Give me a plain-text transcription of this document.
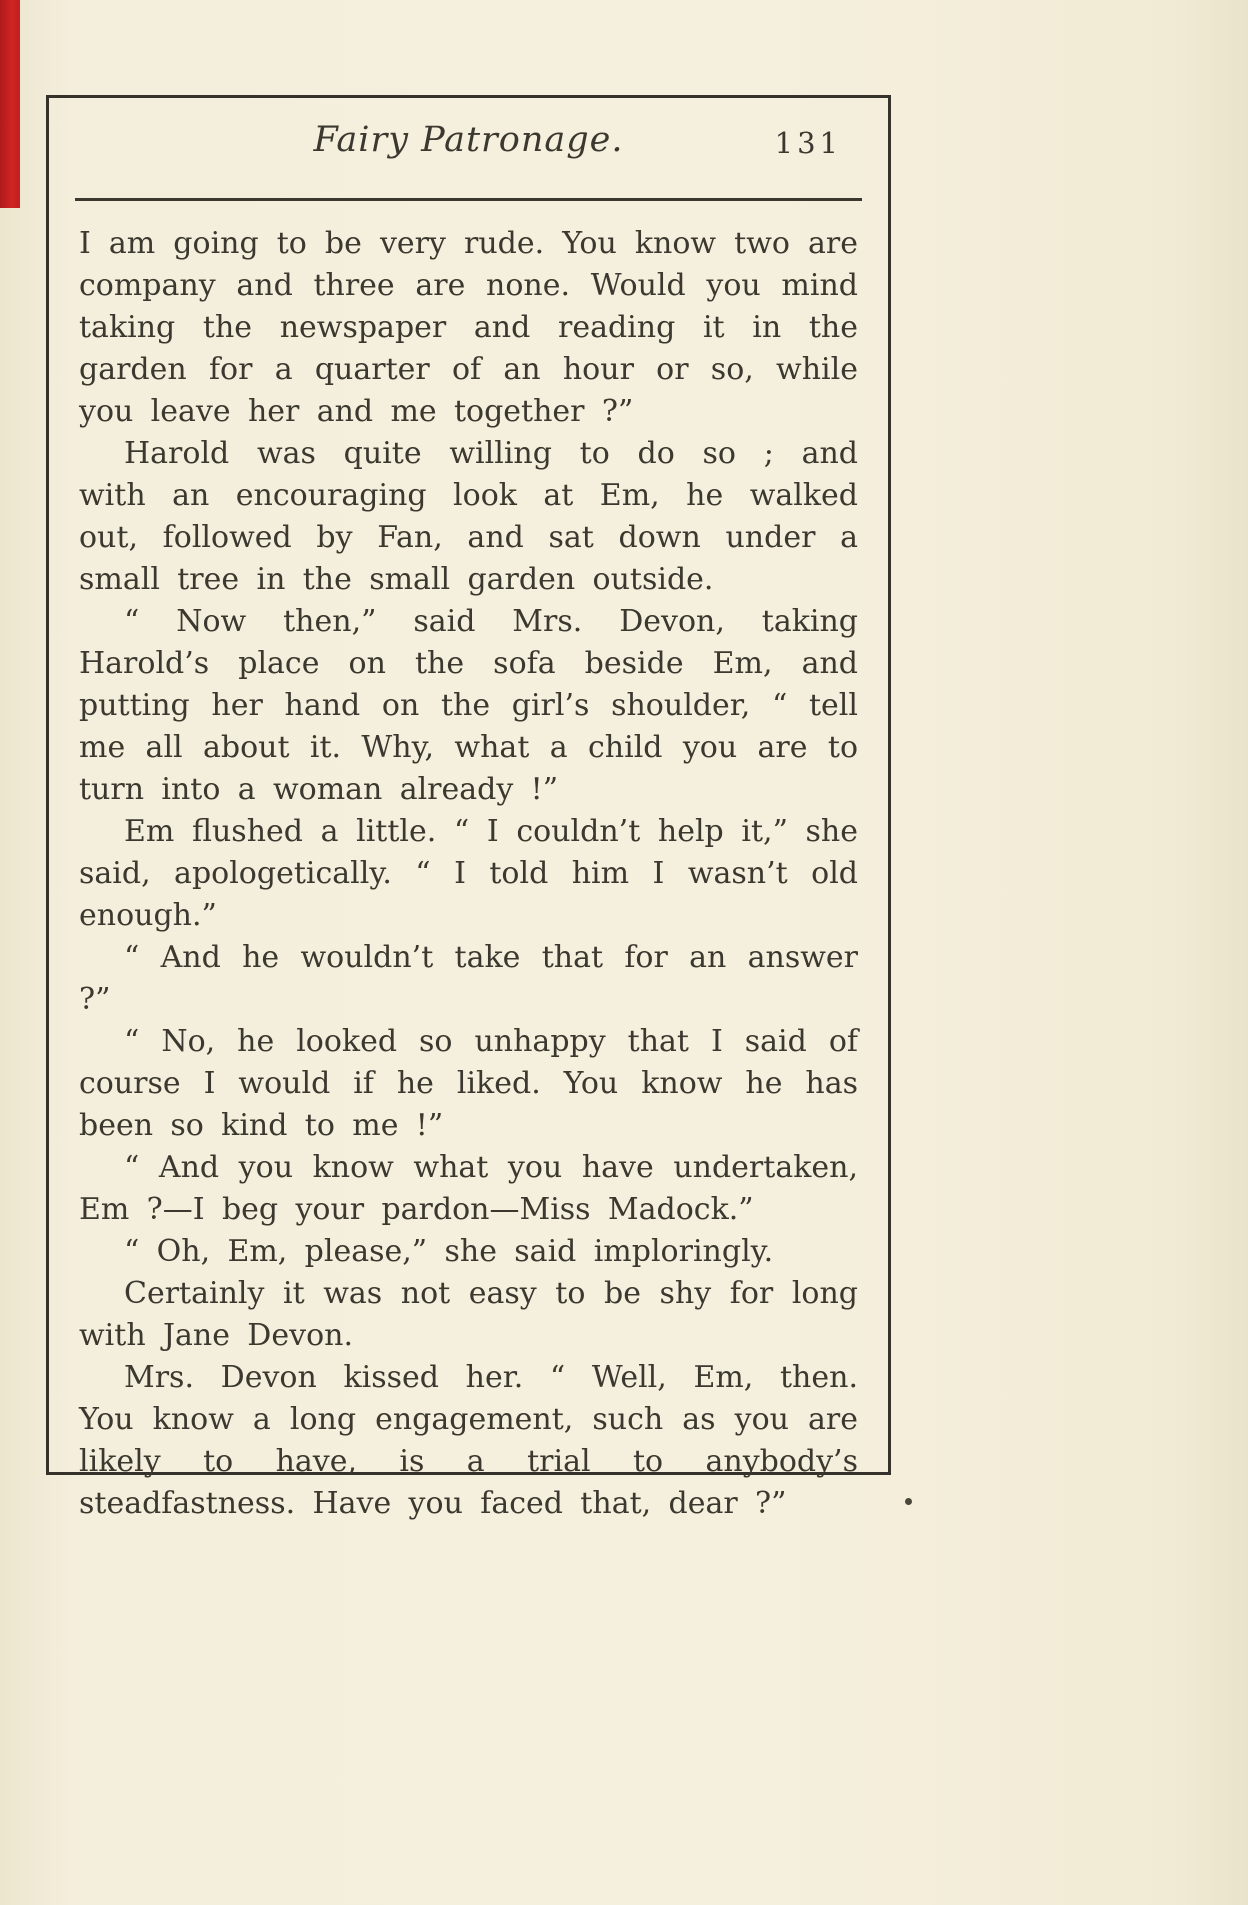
Fairy Patronage.	131

I am going to be very rude. You know two are company and three are none. Would you mind taking the newspaper and reading it in the garden for a quarter of an hour or so, while you leave her and me together ?”

Harold was quite willing to do so ; and with an encouraging look at Em, he walked out, followed by Fan, and sat down under a small tree in the small garden outside.

“ Now then,” said Mrs. Devon, taking Harold’s place on the sofa beside Em, and putting her hand on the girl’s shoulder, “ tell me all about it. Why, what a child you are to turn into a woman already !”

Em flushed a little. “ I couldn’t help it,” she said, apologetically. “ I told him I wasn’t old enough.”

“ And he wouldn’t take that for an answer ?”

“ No, he looked so unhappy that I said of course I would if he liked. You know he has been so kind to me !”

“ And you know what you have undertaken, Em ?—I beg your pardon—Miss Madock.”

“ Oh, Em, please,” she said imploringly.

Certainly it was not easy to be shy for long with Jane Devon.

Mrs. Devon kissed her. “ Well, Em, then. You know a long engagement, such as you are likely to have, is a trial to anybody’s steadfastness. Have you faced that, dear ?”
